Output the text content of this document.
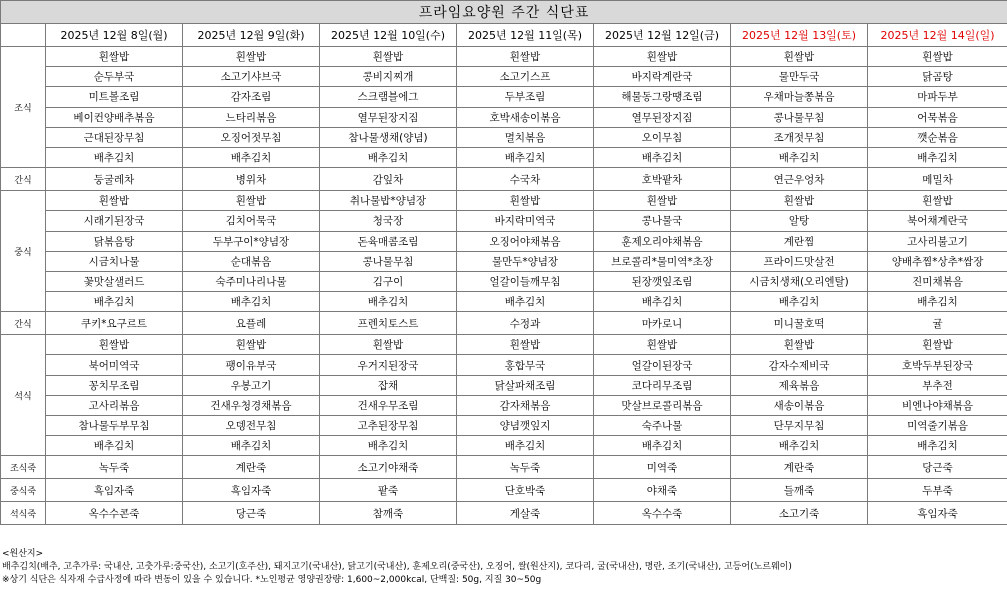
프라임요양원 주간 식단표							
	2025년 12월 8일(월)	2025년 12월 9일(화)	2025년 12월 10일(수)	2025년 12월 11일(목)	2025년 12월 12일(금)	2025년 12월 13일(토)	2025년 12월 14일(일)
조식	흰쌀밥	흰쌀밥	흰쌀밥	흰쌀밥	흰쌀밥	흰쌀밥	흰쌀밥
	순두부국	소고기샤브국	콩비지찌개	소고기스프	바지락계란국	물만두국	닭곰탕
	미트볼조림	감자조림	스크램블에그	두부조림	해물동그랑땡조림	우채마늘쫑볶음	마파두부
	베이컨양배추볶음	느타리볶음	열무된장지짐	호박새송이볶음	열무된장지짐	콩나물무침	어묵볶음
	근대된장무침	오징어젓무침	참나물생채(양념)	멸치볶음	오이무침	조개젓무침	깻순볶음
	배추김치	배추김치	배추김치	배추김치	배추김치	배추김치	배추김치
간식	둥굴레차	병위차	감잎차	수국차	호박팥차	연근우엉차	메밀차
중식	흰쌀밥	흰쌀밥	취나물밥*양념장	흰쌀밥	흰쌀밥	흰쌀밥	흰쌀밥
	시래기된장국	김치어묵국	청국장	바지락미역국	콩나물국	알탕	북어채계란국
	닭볶음탕	두부구이*양념장	돈육매콤조림	오징어야채볶음	훈제오리야채볶음	계란찜	고사리불고기
	시금치나물	순대볶음	콩나물무침	물만두*양념장	브로콜리*물미역*초장	프라이드맛살전	양배추찜*상추*쌈장
	꽃맛살샐러드	숙주미나리나물	김구이	얼갈이들깨무침	된장깻잎조림	시금치생채(오리엔탈)	진미채볶음
	배추김치	배추김치	배추김치	배추김치	배추김치	배추김치	배추김치
간식	쿠키*요구르트	요플레	프렌치토스트	수정과	마카로니	미니꿀호떡	귤
석식	흰쌀밥	흰쌀밥	흰쌀밥	흰쌀밥	흰쌀밥	흰쌀밥	흰쌀밥
	북어미역국	팽이유부국	우거지된장국	홍합무국	얼갈이된장국	감자수제비국	호박두부된장국
	꽁치무조림	우봉고기	잡채	닭살파채조림	코다리무조림	제육볶음	부추전
	고사리볶음	건새우청경채볶음	건새우무조림	감자채볶음	맛살브로콜리볶음	새송이볶음	비엔나야채볶음
	참나물두부무침	오뎅전무침	고추된장무침	양념깻잎지	숙주나물	단무지무침	미역줄기볶음
	배추김치	배추김치	배추김치	배추김치	배추김치	배추김치	배추김치
조식죽	녹두죽	계란죽	소고기야채죽	녹두죽	미역죽	계란죽	당근죽
중식죽	흑임자죽	흑임자죽	팥죽	단호박죽	야채죽	들깨죽	두부죽
석식죽	옥수수콘죽	당근죽	참깨죽	게살죽	옥수수죽	소고기죽	흑임자죽
<원산지>
배추김치(배추, 고추가루: 국내산, 고춧가루:중국산), 소고기(호주산), 돼지고기(국내산), 닭고기(국내산), 훈제오리(중국산), 오징어, 쌀(원산지), 코다리, 굴(국내산), 명란, 조기(국내산), 고등어(노르웨이)
※상기 식단은 식자재 수급사정에 따라 변동이 있을 수 있습니다. *노인평균 영양권장량: 1,600~2,000kcal, 단백질: 50g, 지질 30~50g
